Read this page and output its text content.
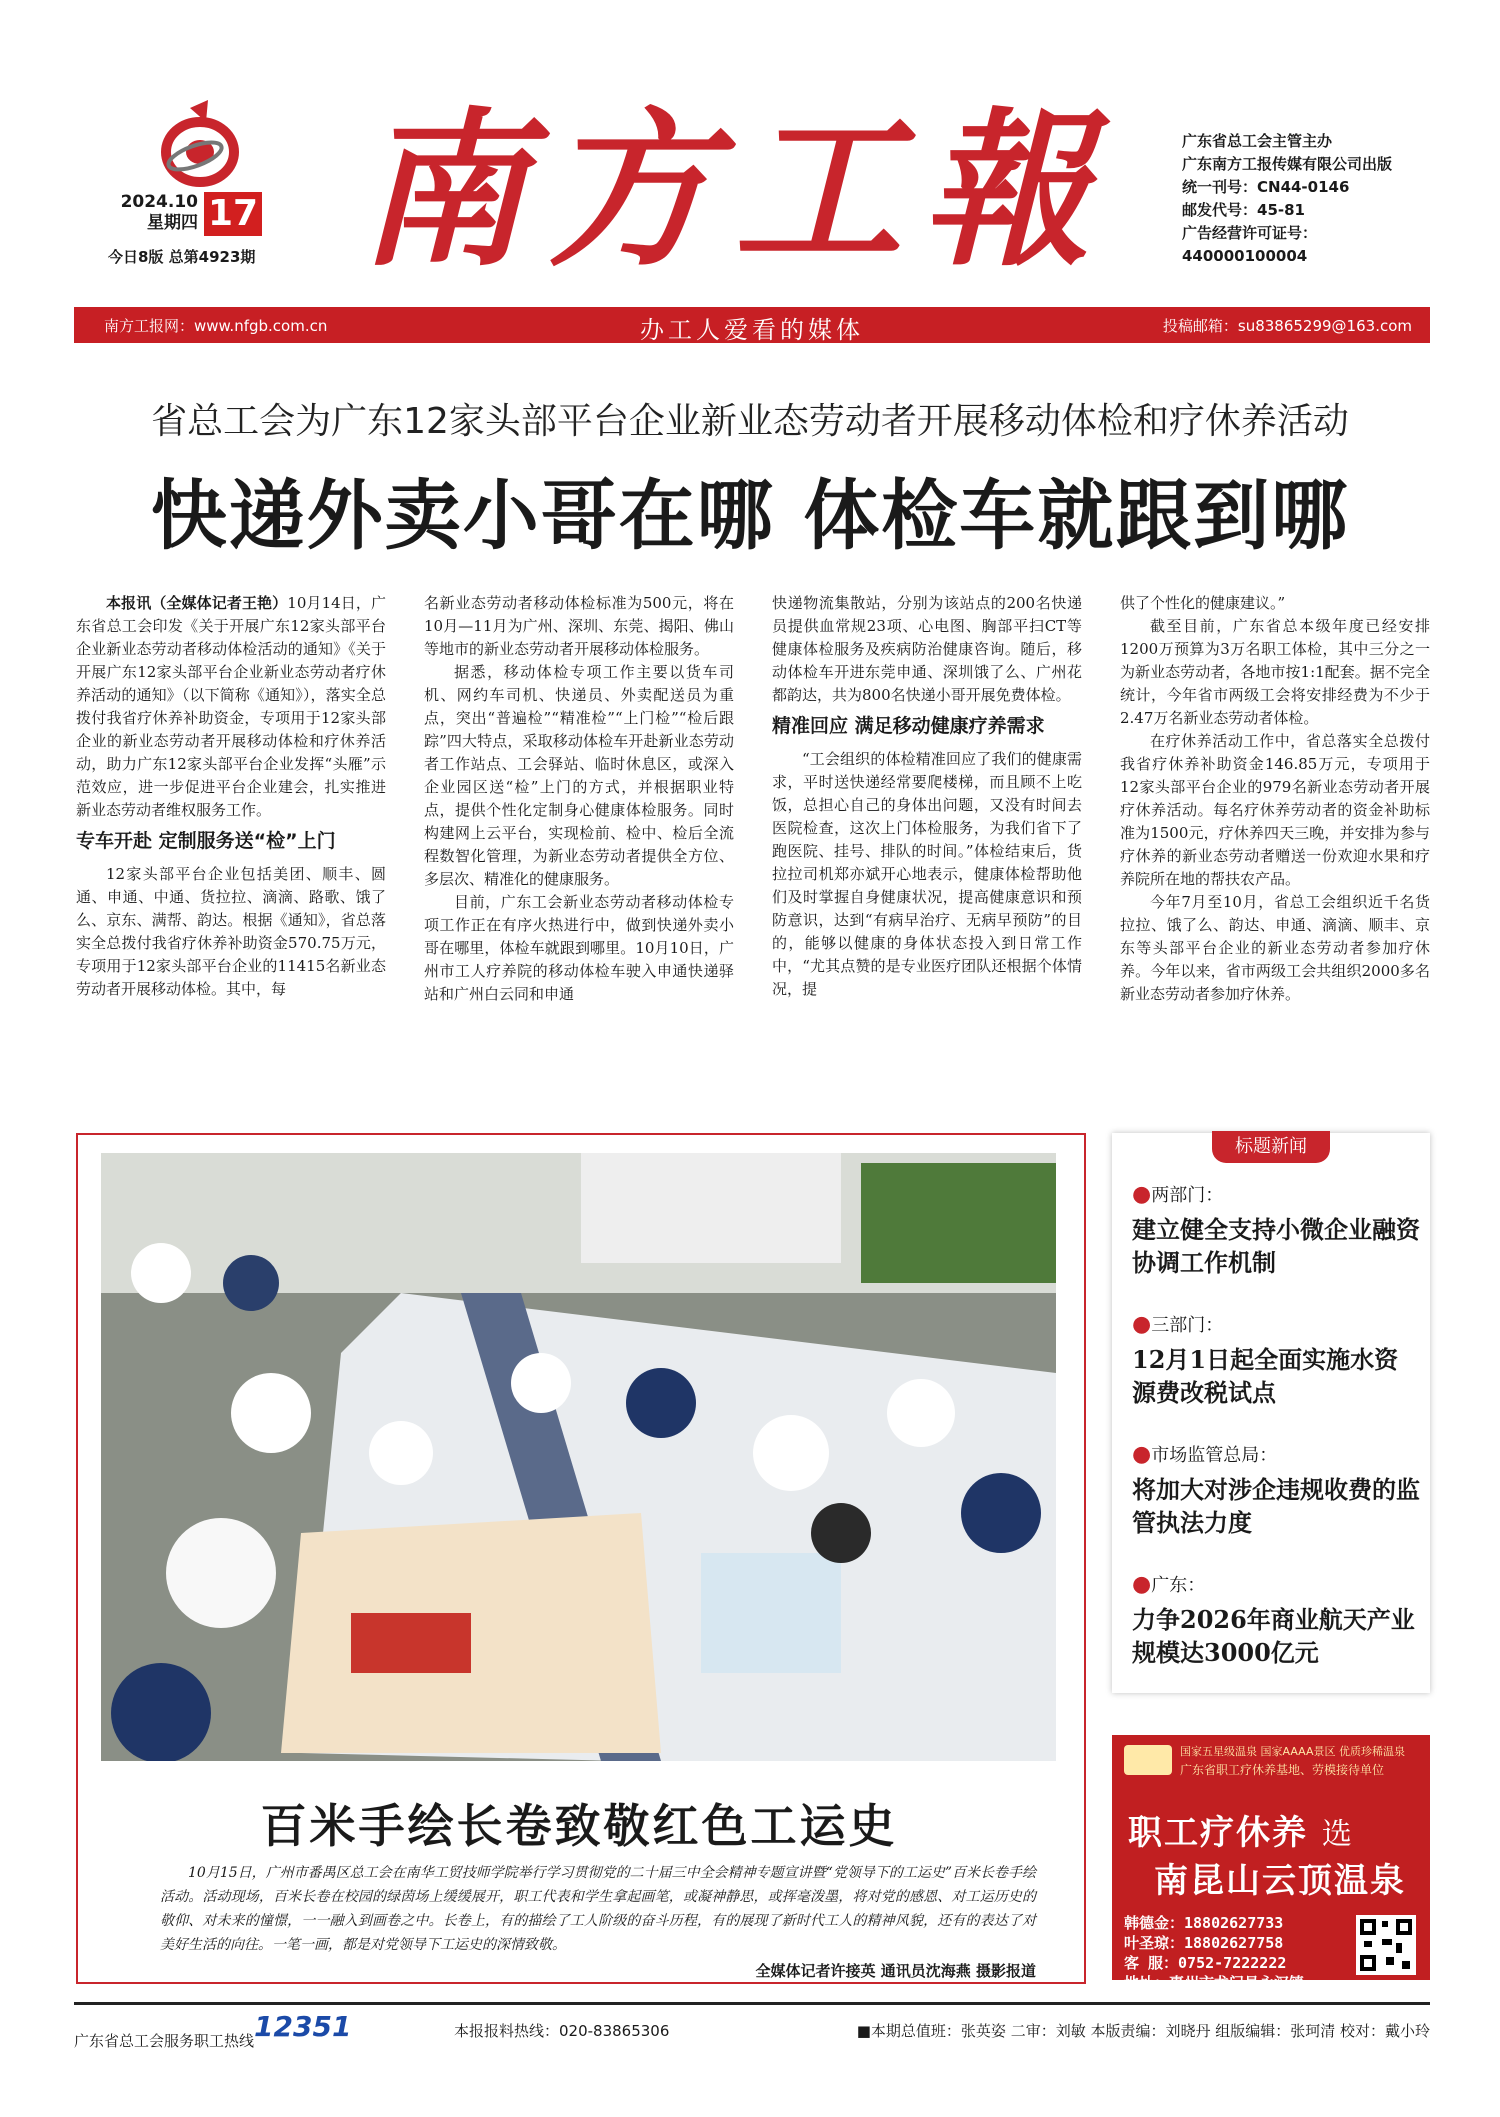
2024.10
星期四 17
今日8版 总第4923期 南方工報	广东省总工会主管主办
广东南方工报传媒有限公司出版
统一刊号：CN44-0146
邮发代号：45-81
广告经营许可证号：
440000100004
南方工报网：www.nfgb.com.cn	办工人爱看的媒体	投稿邮箱：su83865299@163.com
省总工会为广东12家头部平台企业新业态劳动者开展移动体检和疗休养活动
快递外卖小哥在哪 体检车就跟到哪

本报讯（全媒体记者王艳）10月14日，广东省总工会印发《关于开展广东12家头部平台企业新业态劳动者移动体检活动的通知》《关于开展广东12家头部平台企业新业态劳动者疗休养活动的通知》（以下简称《通知》），落实全总拨付我省疗休养补助资金，专项用于12家头部企业的新业态劳动者开展移动体检和疗休养活动，助力广东12家头部平台企业发挥“头雁”示范效应，进一步促进平台企业建会，扎实推进新业态劳动者维权服务工作。

专车开赴 定制服务送“检”上门

12家头部平台企业包括美团、顺丰、圆通、申通、中通、货拉拉、滴滴、路歌、饿了么、京东、满帮、韵达。根据《通知》，省总落实全总拨付我省疗休养补助资金570.75万元，专项用于12家头部平台企业的11415名新业态劳动者开展移动体检。其中，每

名新业态劳动者移动体检标准为500元，将在10月—11月为广州、深圳、东莞、揭阳、佛山等地市的新业态劳动者开展移动体检服务。

据悉，移动体检专项工作主要以货车司机、网约车司机、快递员、外卖配送员为重点，突出“普遍检”“精准检”“上门检”“检后跟踪”四大特点，采取移动体检车开赴新业态劳动者工作站点、工会驿站、临时休息区，或深入企业园区送“检”上门的方式，并根据职业特点，提供个性化定制身心健康体检服务。同时构建网上云平台，实现检前、检中、检后全流程数智化管理，为新业态劳动者提供全方位、多层次、精准化的健康服务。

目前，广东工会新业态劳动者移动体检专项工作正在有序火热进行中，做到快递外卖小哥在哪里，体检车就跟到哪里。10月10日，广州市工人疗养院的移动体检车驶入申通快递驿站和广州白云同和申通

快递物流集散站，分别为该站点的200名快递员提供血常规23项、心电图、胸部平扫CT等健康体检服务及疾病防治健康咨询。随后，移动体检车开进东莞申通、深圳饿了么、广州花都韵达，共为800名快递小哥开展免费体检。

精准回应 满足移动健康疗养需求

“工会组织的体检精准回应了我们的健康需求，平时送快递经常要爬楼梯，而且顾不上吃饭，总担心自己的身体出问题，又没有时间去医院检查，这次上门体检服务，为我们省下了跑医院、挂号、排队的时间。”体检结束后，货拉拉司机郑亦斌开心地表示，健康体检帮助他们及时掌握自身健康状况，提高健康意识和预防意识，达到“有病早治疗、无病早预防”的目的，能够以健康的身体状态投入到日常工作中，“尤其点赞的是专业医疗团队还根据个体情况，提

供了个性化的健康建议。”

截至目前，广东省总本级年度已经安排1200万预算为3万名职工体检，其中三分之一为新业态劳动者，各地市按1:1配套。据不完全统计，今年省市两级工会将安排经费为不少于2.47万名新业态劳动者体检。

在疗休养活动工作中，省总落实全总拨付我省疗休养补助资金146.85万元，专项用于12家头部平台企业的979名新业态劳动者开展疗休养活动。每名疗休养劳动者的资金补助标准为1500元，疗休养四天三晚，并安排为参与疗休养的新业态劳动者赠送一份欢迎水果和疗养院所在地的帮扶农产品。

今年7月至10月，省总工会组织近千名货拉拉、饿了么、韵达、申通、滴滴、顺丰、京东等头部平台企业的新业态劳动者参加疗休养。今年以来，省市两级工会共组织2000多名新业态劳动者参加疗休养。

百米手绘长卷致敬红色工运史

10月15日，广州市番禺区总工会在南华工贸技师学院举行学习贯彻党的二十届三中全会精神专题宣讲暨“党领导下的工运史”百米长卷手绘活动。活动现场，百米长卷在校园的绿茵场上缓缓展开，职工代表和学生拿起画笔，或凝神静思，或挥毫泼墨，将对党的感恩、对工运历史的敬仰、对未来的憧憬，一一融入到画卷之中。长卷上，有的描绘了工人阶级的奋斗历程，有的展现了新时代工人的精神风貌，还有的表达了对美好生活的向往。一笔一画，都是对党领导下工运史的深情致敬。

全媒体记者许接英 通讯员沈海燕 摄影报道
标题新闻
●两部门：
建立健全支持小微企业融资协调工作机制
●三部门：
12月1日起全面实施水资源费改税试点
●市场监管总局：
将加大对涉企违规收费的监管执法力度
●广东：
力争2026年商业航天产业规模达3000亿元
国家五星级温泉 国家AAAA景区 优质珍稀温泉
广东省职工疗休养基地、劳模接待单位
职工疗休养 选
南昆山云顶温泉
韩德金：18802627733
叶圣琼：18802627758
客 服：0752-7222222
地址：惠州市龙门县永汉镇
广东省总工会服务职工热线12351	本报报料热线：020-83865306	■本期总值班：张英姿 二审：刘敏 本版责编：刘晓丹 组版编辑：张珂清 校对：戴小玲
